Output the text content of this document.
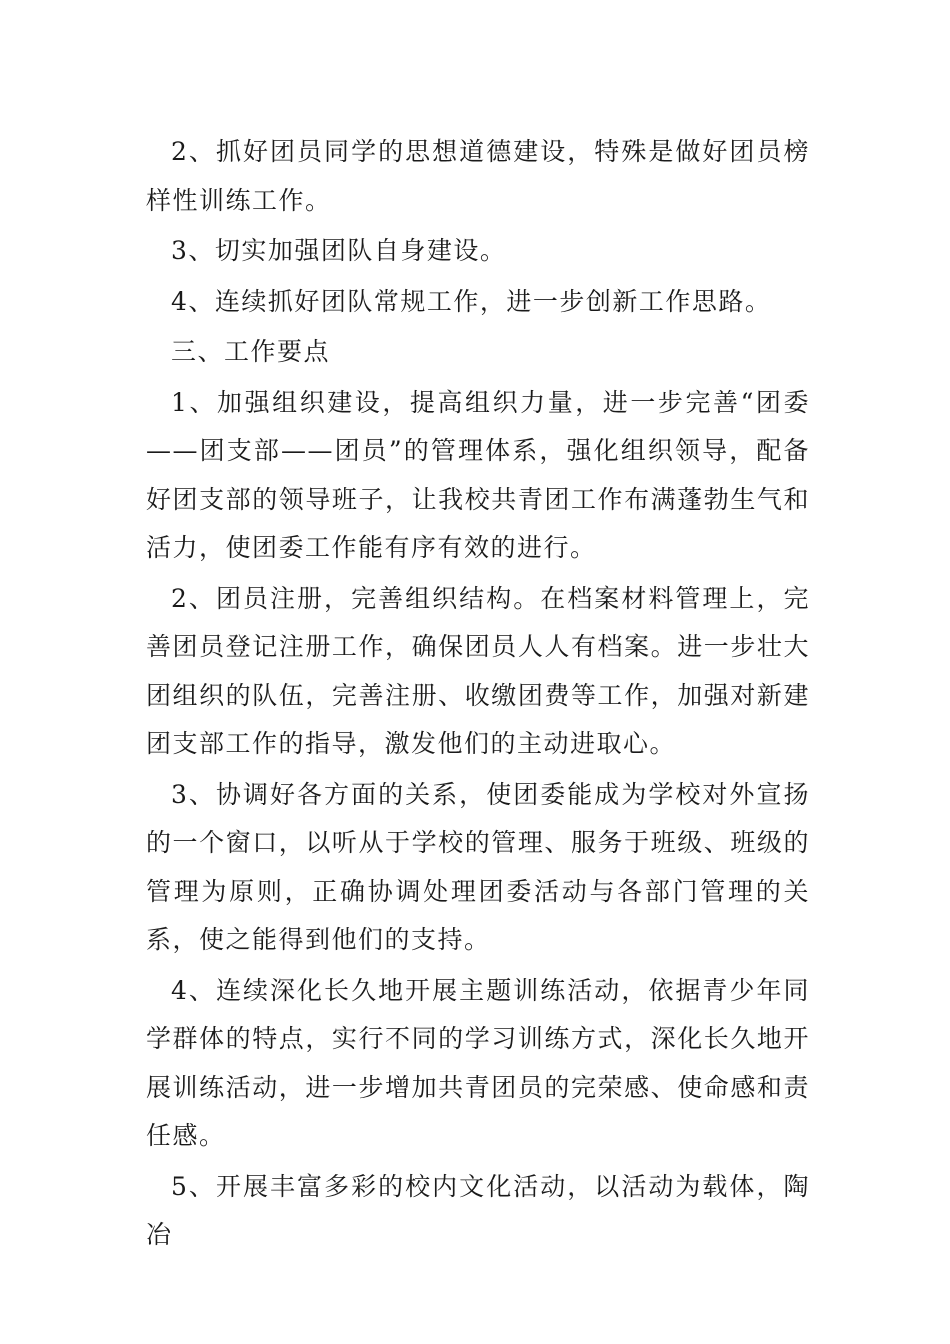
2、抓好团员同学的思想道德建设，特殊是做好团员榜样性训练工作。

3、切实加强团队自身建设。

4、连续抓好团队常规工作，进一步创新工作思路。

三、工作要点

1、加强组织建设，提高组织力量，进一步完善“团委——团支部——团员”的管理体系，强化组织领导，配备好团支部的领导班子，让我校共青团工作布满蓬勃生气和活力，使团委工作能有序有效的进行。

2、团员注册，完善组织结构。在档案材料管理上，完善团员登记注册工作，确保团员人人有档案。进一步壮大团组织的队伍，完善注册、收缴团费等工作，加强对新建团支部工作的指导，激发他们的主动进取心。

3、协调好各方面的关系，使团委能成为学校对外宣扬的一个窗口，以听从于学校的管理、服务于班级、班级的管理为原则，正确协调处理团委活动与各部门管理的关系，使之能得到他们的支持。

4、连续深化长久地开展主题训练活动，依据青少年同学群体的特点，实行不同的学习训练方式，深化长久地开展训练活动，进一步增加共青团员的完荣感、使命感和责任感。

5、开展丰富多彩的校内文化活动，以活动为载体，陶冶
